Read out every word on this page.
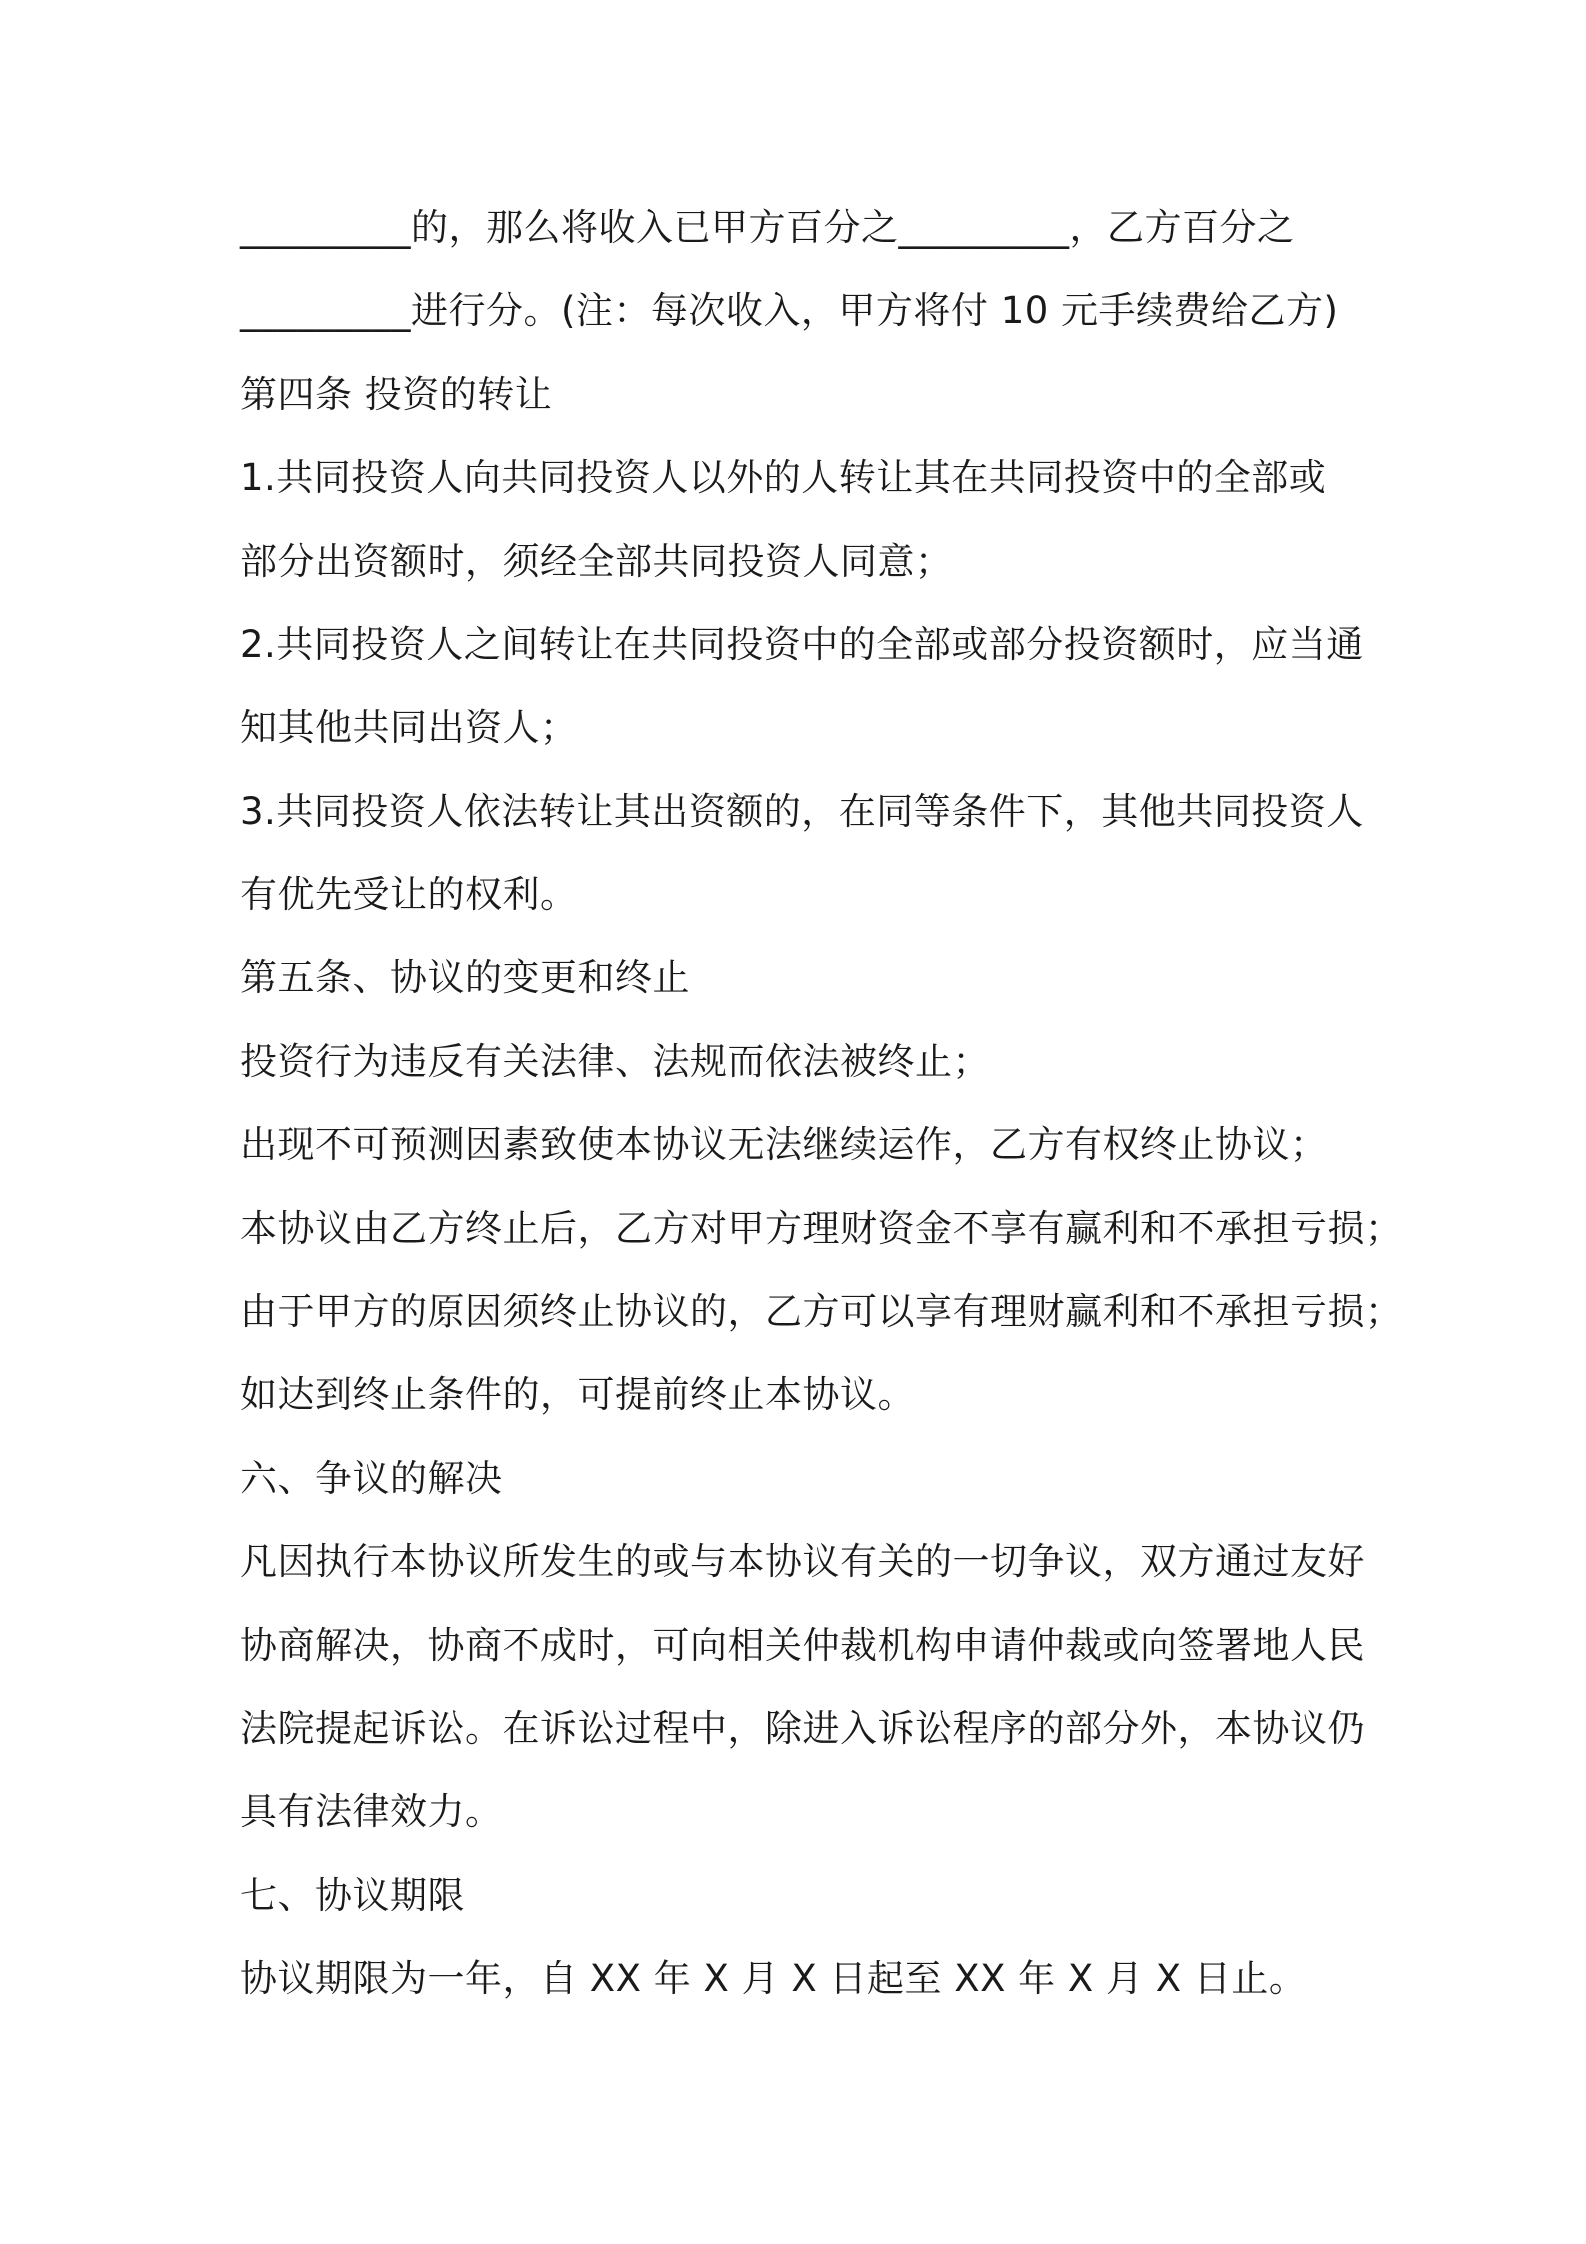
_________的，那么将收入已甲方百分之_________，乙方百分之
_________进行分。(注：每次收入，甲方将付 10 元手续费给乙方)
第四条 投资的转让
1.共同投资人向共同投资人以外的人转让其在共同投资中的全部或
部分出资额时，须经全部共同投资人同意；
2.共同投资人之间转让在共同投资中的全部或部分投资额时，应当通
知其他共同出资人；
3.共同投资人依法转让其出资额的，在同等条件下，其他共同投资人
有优先受让的权利。
第五条、协议的变更和终止
投资行为违反有关法律、法规而依法被终止；
出现不可预测因素致使本协议无法继续运作，乙方有权终止协议；
本协议由乙方终止后，乙方对甲方理财资金不享有赢利和不承担亏损；
由于甲方的原因须终止协议的，乙方可以享有理财赢利和不承担亏损；
如达到终止条件的，可提前终止本协议。
六、争议的解决
凡因执行本协议所发生的或与本协议有关的一切争议，双方通过友好
协商解决，协商不成时，可向相关仲裁机构申请仲裁或向签署地人民
法院提起诉讼。在诉讼过程中，除进入诉讼程序的部分外，本协议仍
具有法律效力。
七、协议期限
协议期限为一年，自 XX 年 X 月 X 日起至 XX 年 X 月 X 日止。
